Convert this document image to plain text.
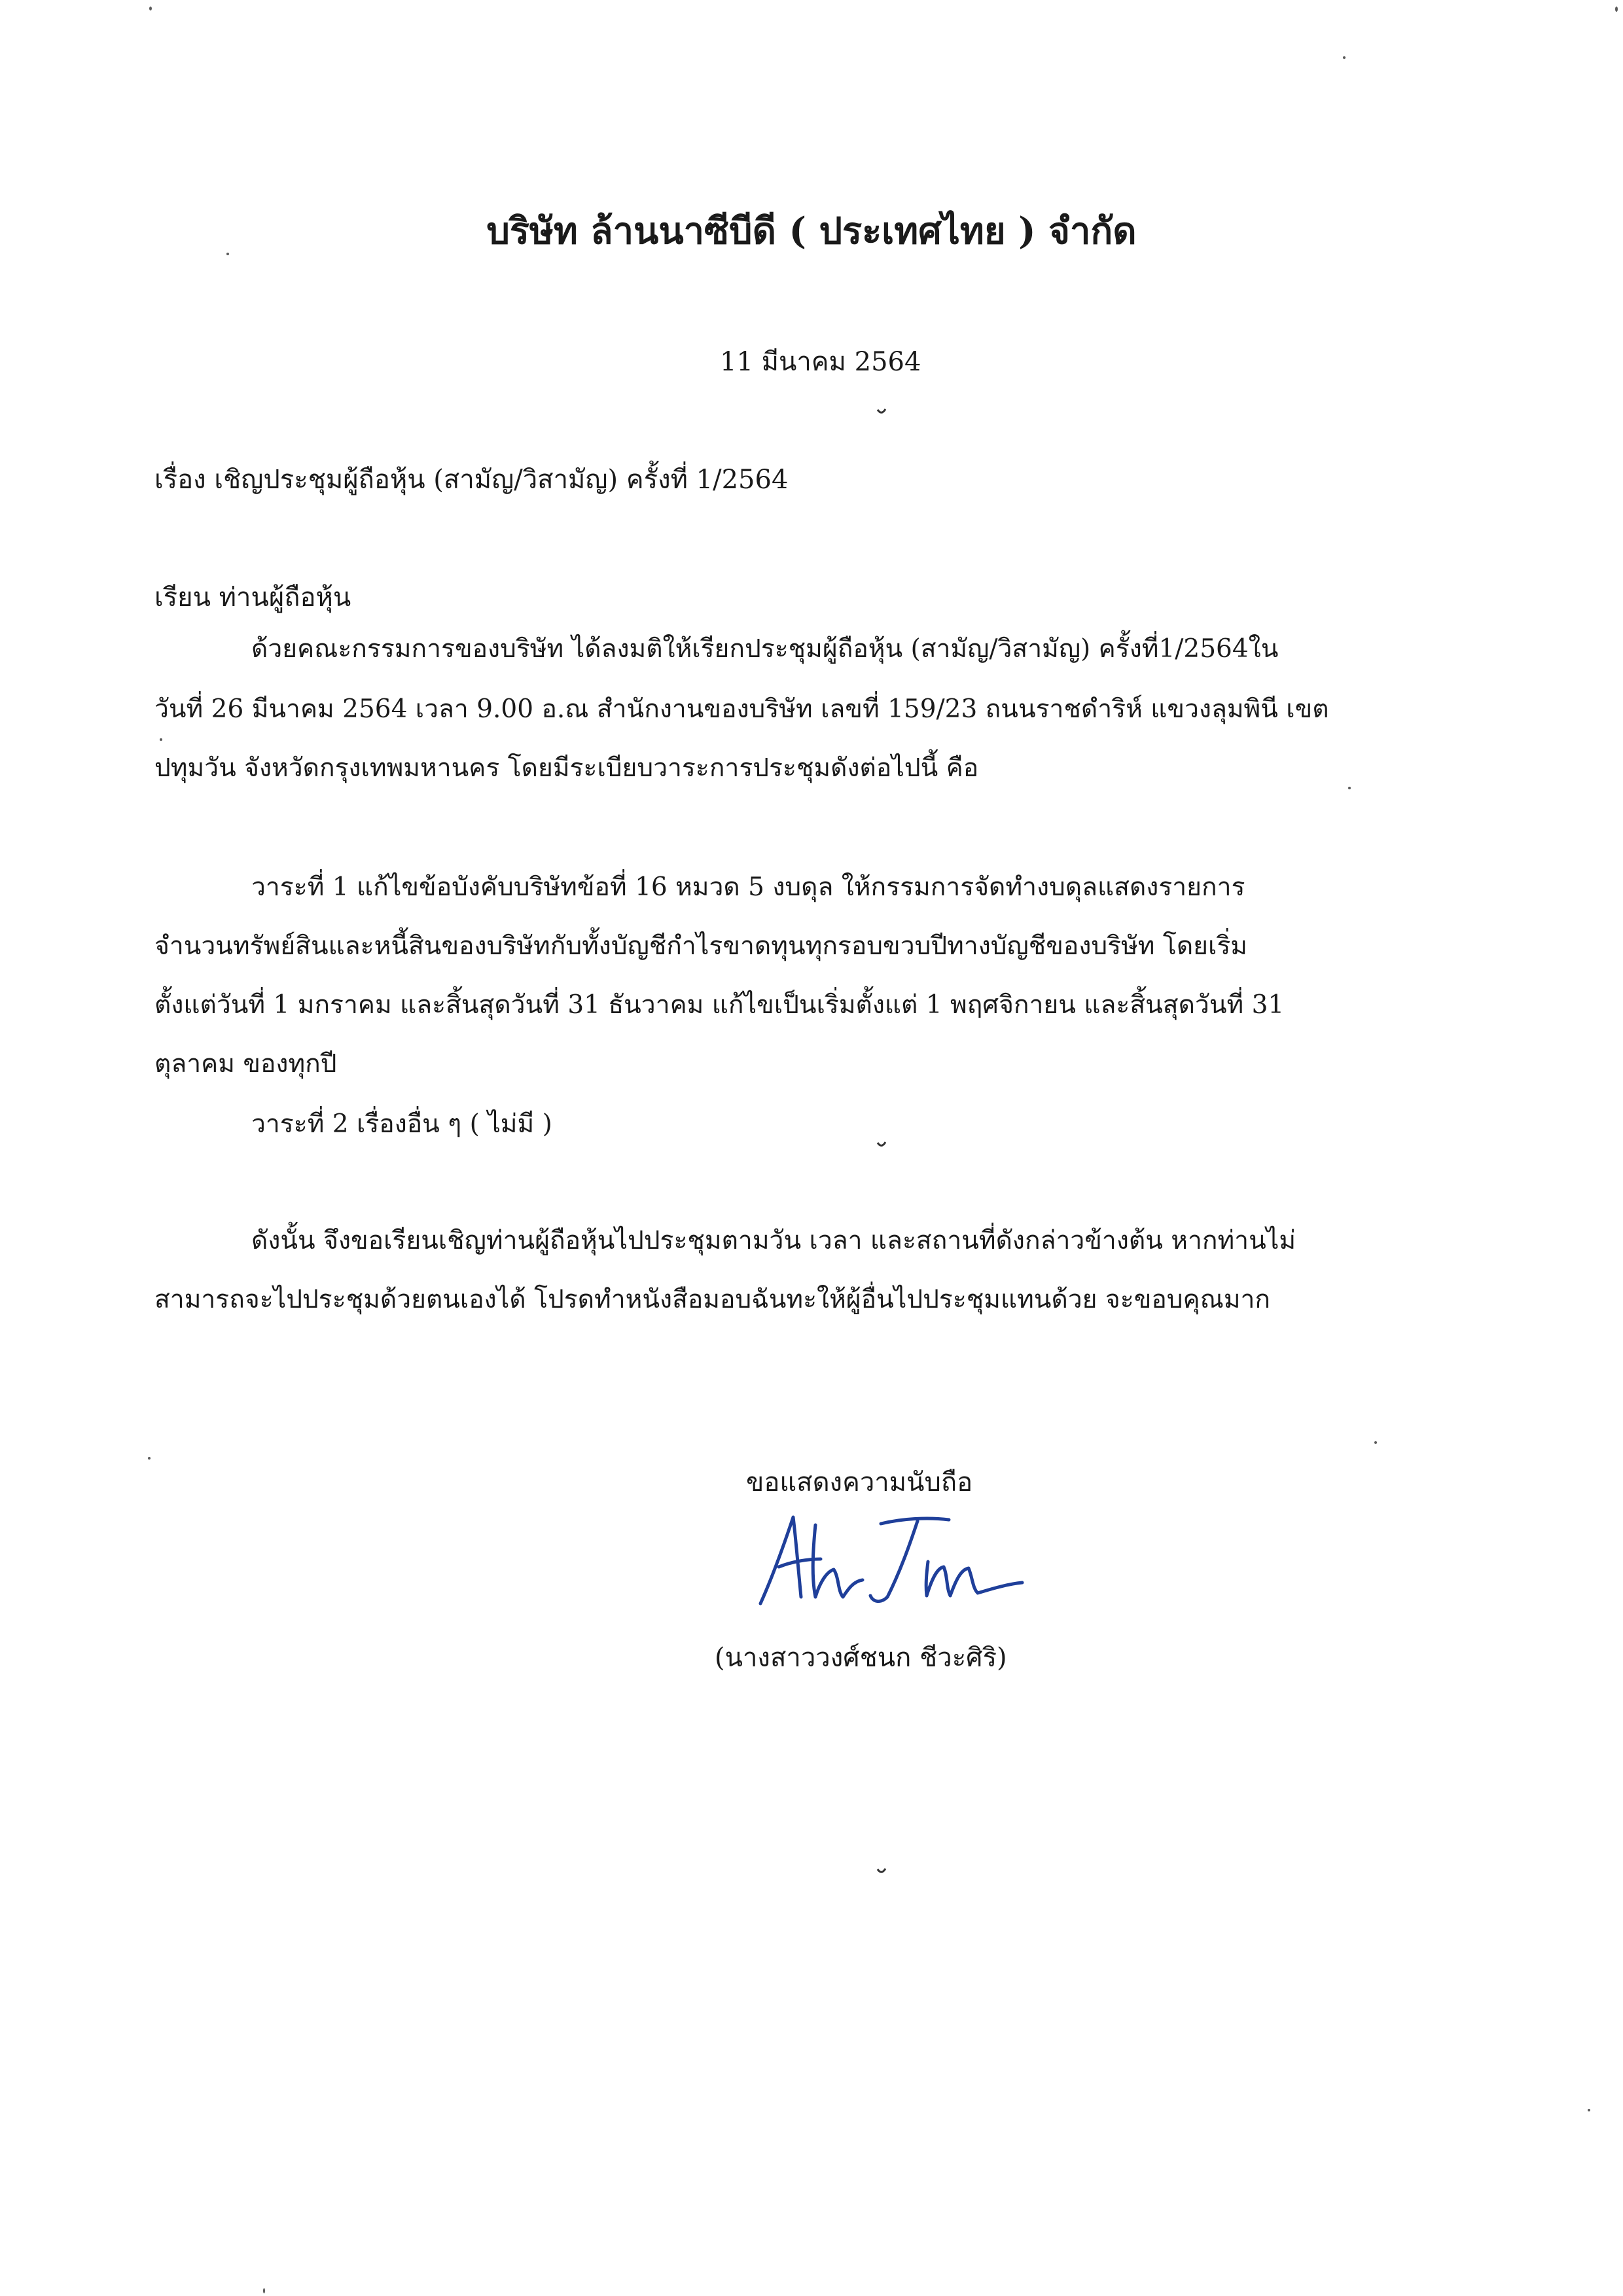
บริษัท ล้านนาซีบีดี ( ประเทศไทย ) จำกัด
11 มีนาคม 2564
เรื่อง เชิญประชุมผู้ถือหุ้น (สามัญ/วิสามัญ) ครั้งที่ 1/2564
เรียน ท่านผู้ถือหุ้น
ด้วยคณะกรรมการของบริษัท ได้ลงมติให้เรียกประชุมผู้ถือหุ้น (สามัญ/วิสามัญ) ครั้งที่1/2564ใน
วันที่ 26 มีนาคม 2564 เวลา 9.00 อ.ณ สำนักงานของบริษัท เลขที่ 159/23 ถนนราชดำริห์ แขวงลุมพินี เขต
ปทุมวัน จังหวัดกรุงเทพมหานคร โดยมีระเบียบวาระการประชุมดังต่อไปนี้ คือ
วาระที่ 1 แก้ไขข้อบังคับบริษัทข้อที่ 16 หมวด 5 งบดุล ให้กรรมการจัดทำงบดุลแสดงรายการ
จำนวนทรัพย์สินและหนี้สินของบริษัทกับทั้งบัญชีกำไรขาดทุนทุกรอบขวบปีทางบัญชีของบริษัท โดยเริ่ม
ตั้งแต่วันที่ 1 มกราคม และสิ้นสุดวันที่ 31 ธันวาคม แก้ไขเป็นเริ่มตั้งแต่ 1 พฤศจิกายน และสิ้นสุดวันที่ 31
ตุลาคม ของทุกปี
วาระที่ 2 เรื่องอื่น ๆ ( ไม่มี )
ดังนั้น จึงขอเรียนเชิญท่านผู้ถือหุ้นไปประชุมตามวัน เวลา และสถานที่ดังกล่าวข้างต้น หากท่านไม่
สามารถจะไปประชุมด้วยตนเองได้ โปรดทำหนังสือมอบฉันทะให้ผู้อื่นไปประชุมแทนด้วย จะขอบคุณมาก
ขอแสดงความนับถือ
(นางสาววงศ์ชนก ชีวะศิริ)
